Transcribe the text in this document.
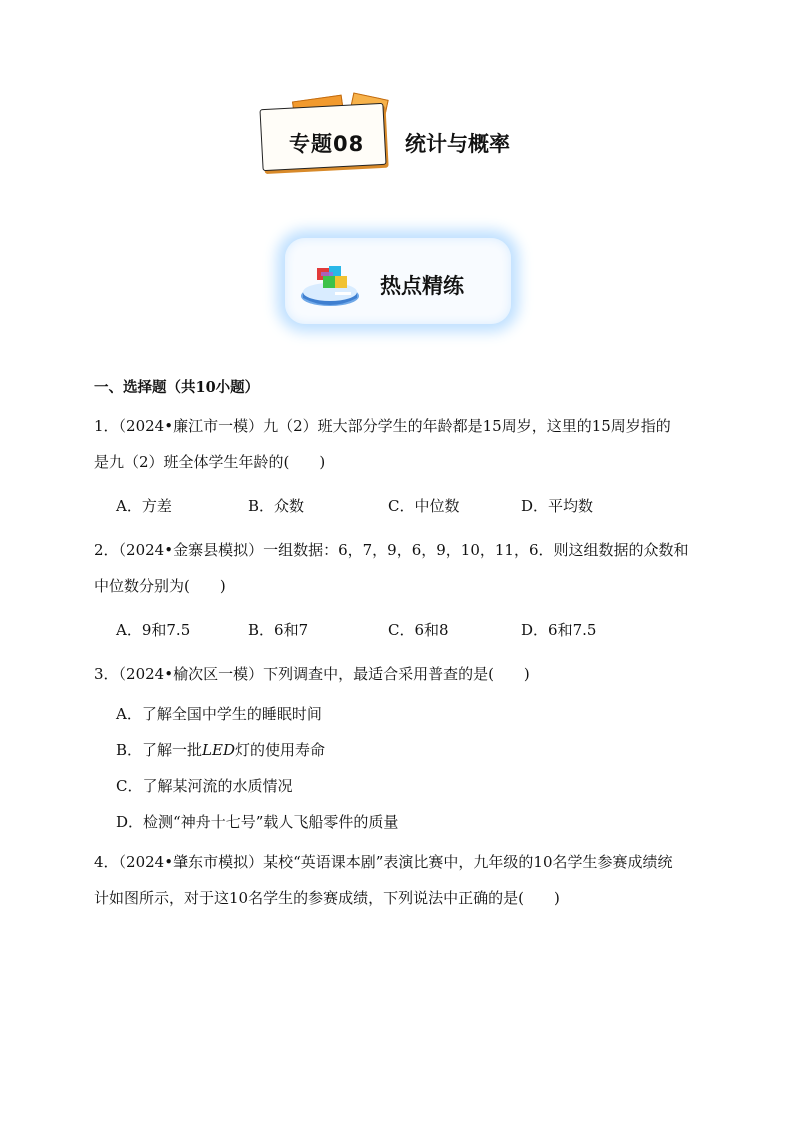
专题08 统计与概率
热点精练
一、选择题（共10小题）
1．（2024•廉江市一模）九（2）班大部分学生的年龄都是15周岁，这里的15周岁指的
是九（2）班全体学生年龄的(　　)
A．方差	B．众数	C．中位数	D．平均数
2．（2024•金寨县模拟）一组数据：6，7，9，6，9，10，11，6．则这组数据的众数和
中位数分别为(　　)
A．9和7.5	B．6和7	C．6和8	D．6和7.5
3．（2024•榆次区一模）下列调查中，最适合采用普查的是(　　)
A．了解全国中学生的睡眠时间
B．了解一批LED灯的使用寿命
C．了解某河流的水质情况
D．检测“神舟十七号”载人飞船零件的质量
4．（2024•肇东市模拟）某校“英语课本剧”表演比赛中，九年级的10名学生参赛成绩统
计如图所示，对于这10名学生的参赛成绩，下列说法中正确的是(　　)
